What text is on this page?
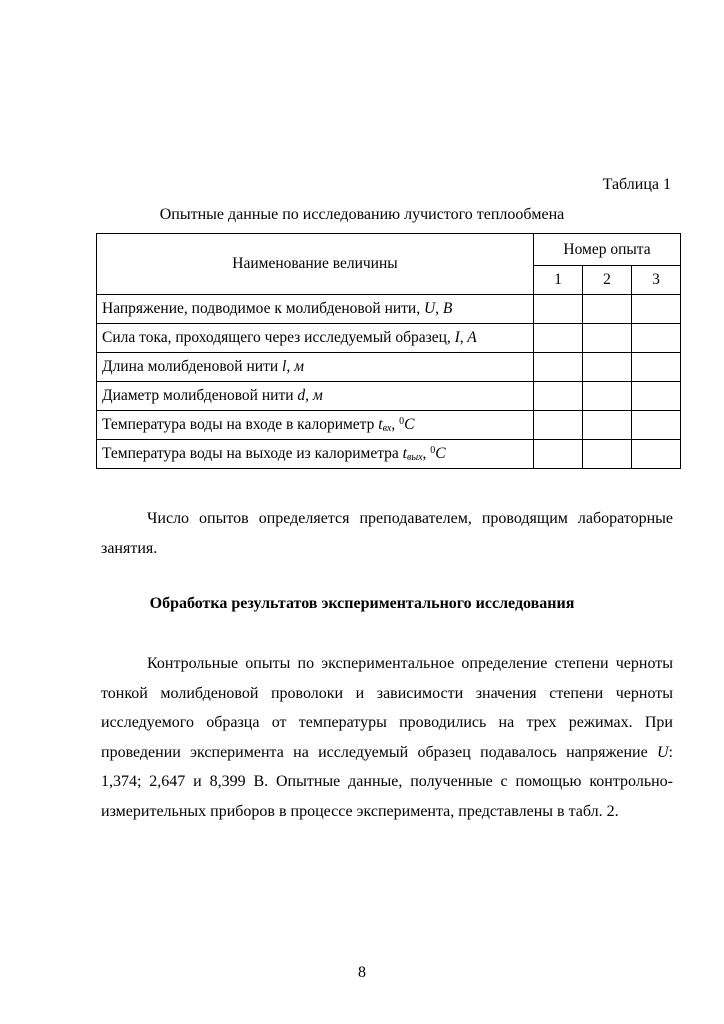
Таблица 1
Опытные данные по исследованию лучистого теплообмена
Наименование величины	Номер опыта		
	1	2	3
Напряжение, подводимое к молибденовой нити, U, B			
Сила тока, проходящего через исследуемый образец, I, A			
Длина молибденовой нити l, м			
Диаметр молибденовой нити d, м			
Температура воды на входе в калориметр $t_{вх}$, $^0$C			
Температура воды на выходе из калориметра $t_{вых}$, $^0$C			

Число опытов определяется преподавателем, проводящим лабораторные занятия.

Обработка результатов экспериментального исследования

Контрольные опыты по экспериментальное определение степени черноты тонкой молибденовой проволоки и зависимости значения степени черноты исследуемого образца от температуры проводились на трех режимах. При проведении эксперимента на исследуемый образец подавалось напряжение U: 1,374; 2,647 и 8,399 В. Опытные данные, полученные с помощью контрольно-измерительных приборов в процессе эксперимента, представлены в табл. 2.

8
